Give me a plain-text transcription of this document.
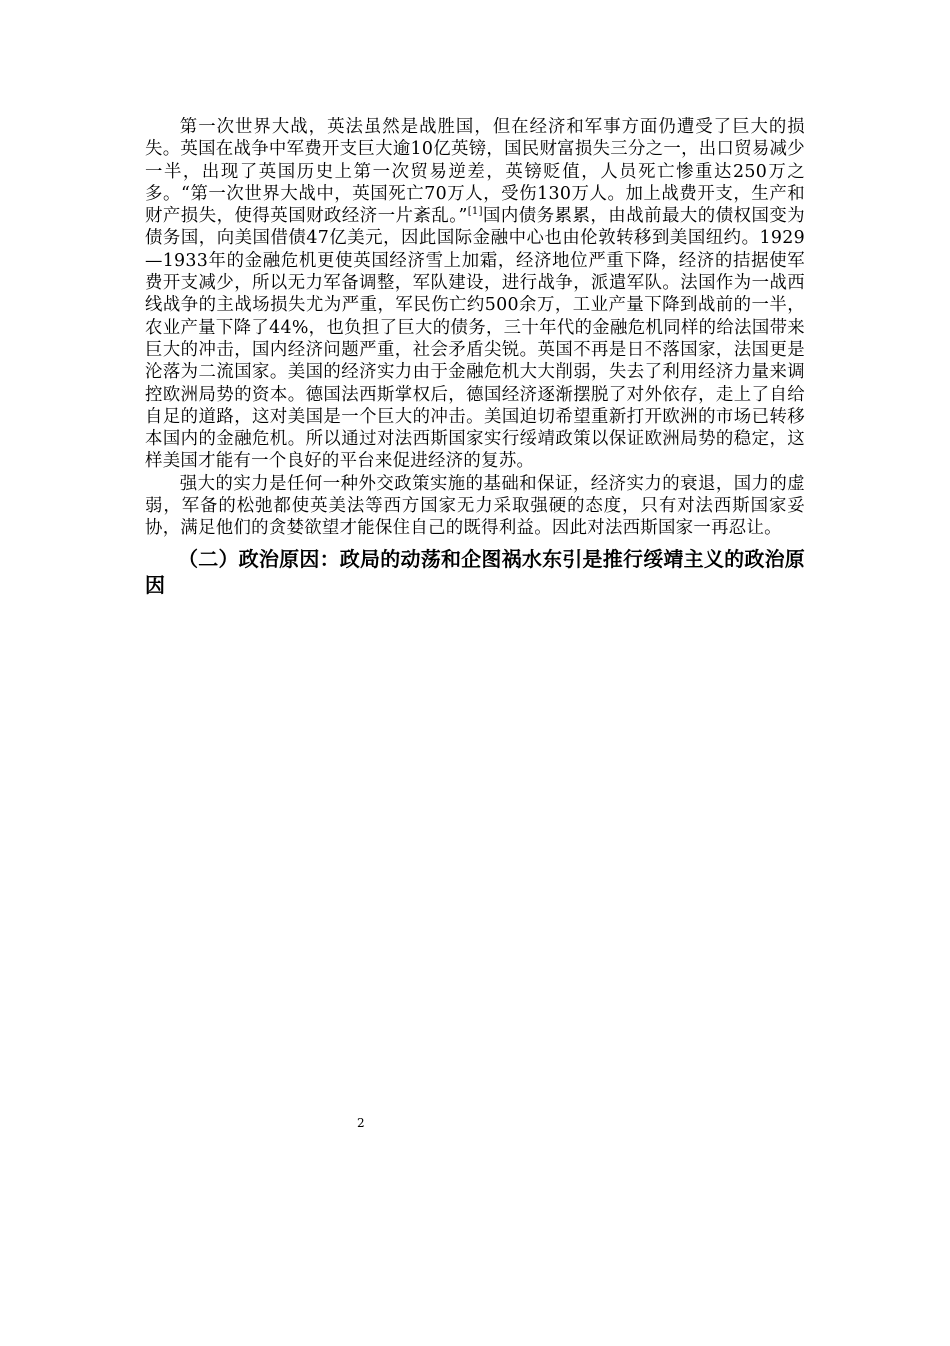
第一次世界大战，英法虽然是战胜国，但在经济和军事方面仍遭受了巨大的损失。英国在战争中军费开支巨大逾10亿英镑，国民财富损失三分之一，出口贸易减少一半，出现了英国历史上第一次贸易逆差，英镑贬值，人员死亡惨重达250万之多。“第一次世界大战中，英国死亡70万人，受伤130万人。加上战费开支，生产和财产损失，使得英国财政经济一片紊乱。”[1]国内债务累累，由战前最大的债权国变为债务国，向美国借债47亿美元，因此国际金融中心也由伦敦转移到美国纽约。1929—1933年的金融危机更使英国经济雪上加霜，经济地位严重下降，经济的拮据使军费开支减少，所以无力军备调整，军队建设，进行战争，派遣军队。法国作为一战西线战争的主战场损失尤为严重，军民伤亡约500余万，工业产量下降到战前的一半，农业产量下降了44%，也负担了巨大的债务，三十年代的金融危机同样的给法国带来巨大的冲击，国内经济问题严重，社会矛盾尖锐。英国不再是日不落国家，法国更是沦落为二流国家。美国的经济实力由于金融危机大大削弱，失去了利用经济力量来调控欧洲局势的资本。德国法西斯掌权后，德国经济逐渐摆脱了对外依存，走上了自给自足的道路，这对美国是一个巨大的冲击。美国迫切希望重新打开欧洲的市场已转移本国内的金融危机。所以通过对法西斯国家实行绥靖政策以保证欧洲局势的稳定，这样美国才能有一个良好的平台来促进经济的复苏。

强大的实力是任何一种外交政策实施的基础和保证，经济实力的衰退，国力的虚弱，军备的松弛都使英美法等西方国家无力采取强硬的态度，只有对法西斯国家妥协，满足他们的贪婪欲望才能保住自己的既得利益。因此对法西斯国家一再忍让。

（二）政治原因：政局的动荡和企图祸水东引是推行绥靖主义的政治原因
2
